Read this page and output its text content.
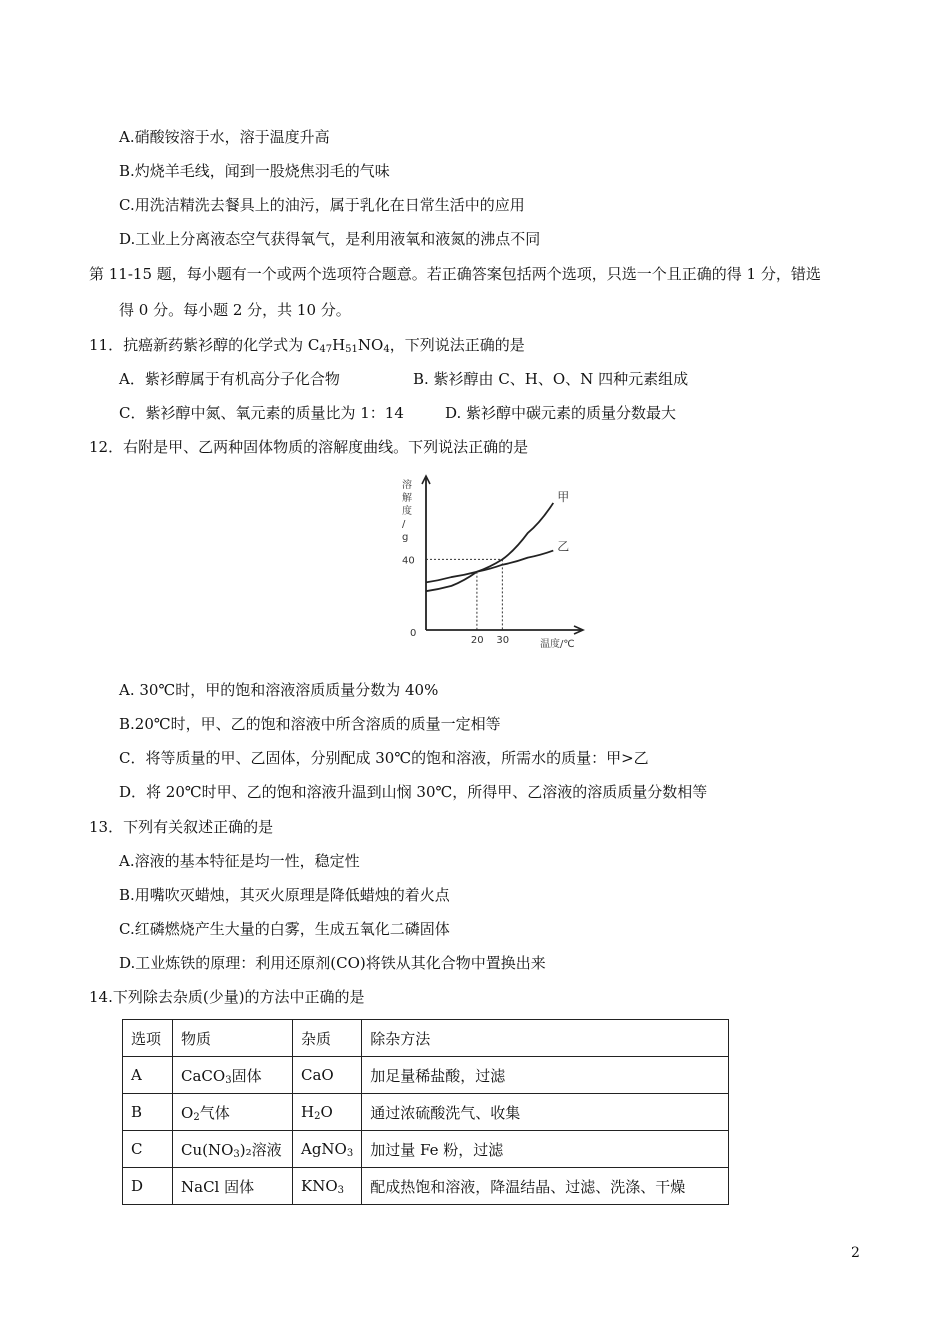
A.硝酸铵溶于水，溶于温度升高
B.灼烧羊毛线，闻到一股烧焦羽毛的气味
C.用洗洁精洗去餐具上的油污，属于乳化在日常生活中的应用
D.工业上分离液态空气获得氧气，是利用液氧和液氮的沸点不同
第 11-15 题，每小题有一个或两个选项符合题意。若正确答案包括两个选项，只选一个且正确的得 1 分，错选
得 0 分。每小题 2 分，共 10 分。
11．抗癌新药紫衫醇的化学式为 $C_{47}H_{51}NO_4$，下列说法正确的是
A．紫衫醇属于有机高分子化合物	B. 紫衫醇由 C、H、O、N 四种元素组成
C．紫衫醇中氮、氧元素的质量比为 1：14	D. 紫衫醇中碳元素的质量分数最大
12．右附是甲、乙两种固体物质的溶解度曲线。下列说法正确的是
甲
乙
溶
解
度
/
g
40
0
20 30	温度/℃
A. 30℃时，甲的饱和溶液溶质质量分数为 40%
B.20℃时，甲、乙的饱和溶液中所含溶质的质量一定相等
C．将等质量的甲、乙固体，分别配成 30℃的饱和溶液，所需水的质量：甲>乙
D．将 20℃时甲、乙的饱和溶液升温到山悯 30℃，所得甲、乙溶液的溶质质量分数相等
13．下列有关叙述正确的是
A.溶液的基本特征是均一性，稳定性
B.用嘴吹灭蜡烛，其灭火原理是降低蜡烛的着火点
C.红磷燃烧产生大量的白雾，生成五氧化二磷固体
D.工业炼铁的原理：利用还原剂(CO)将铁从其化合物中置换出来
14.下列除去杂质(少量)的方法中正确的是
选项	物质	杂质	除杂方法
A	CaCO$_3$固体	CaO	加足量稀盐酸，过滤
B	$O_2$气体	$H_2O$	通过浓硫酸洗气、收集
C	$Cu(NO_3)_2$溶液	AgNO$_3$	加过量 Fe 粉，过滤
D	NaCl 固体	$KNO_3$	配成热饱和溶液，降温结晶、过滤、洗涤、干燥
2
